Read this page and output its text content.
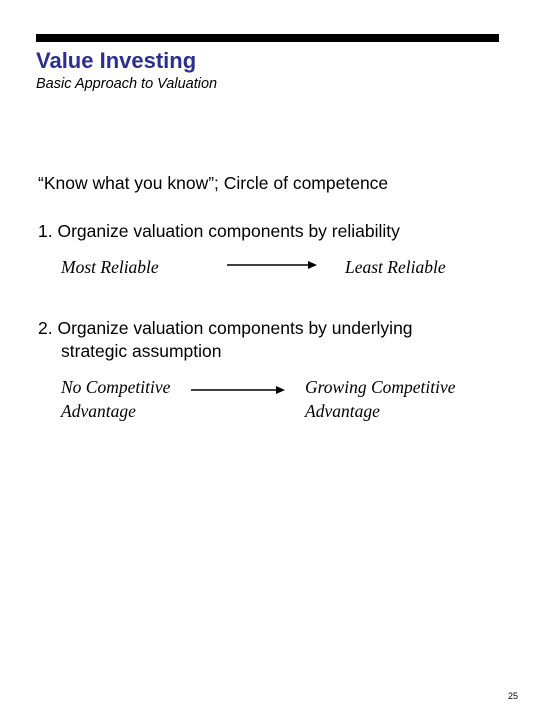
Value Investing
Basic Approach to Valuation
“Know what you know”; Circle of competence
1. Organize valuation components by reliability
Most Reliable	Least Reliable
2. Organize valuation components by underlying
strategic assumption
No Competitive
Advantage
Growing Competitive
Advantage
25
